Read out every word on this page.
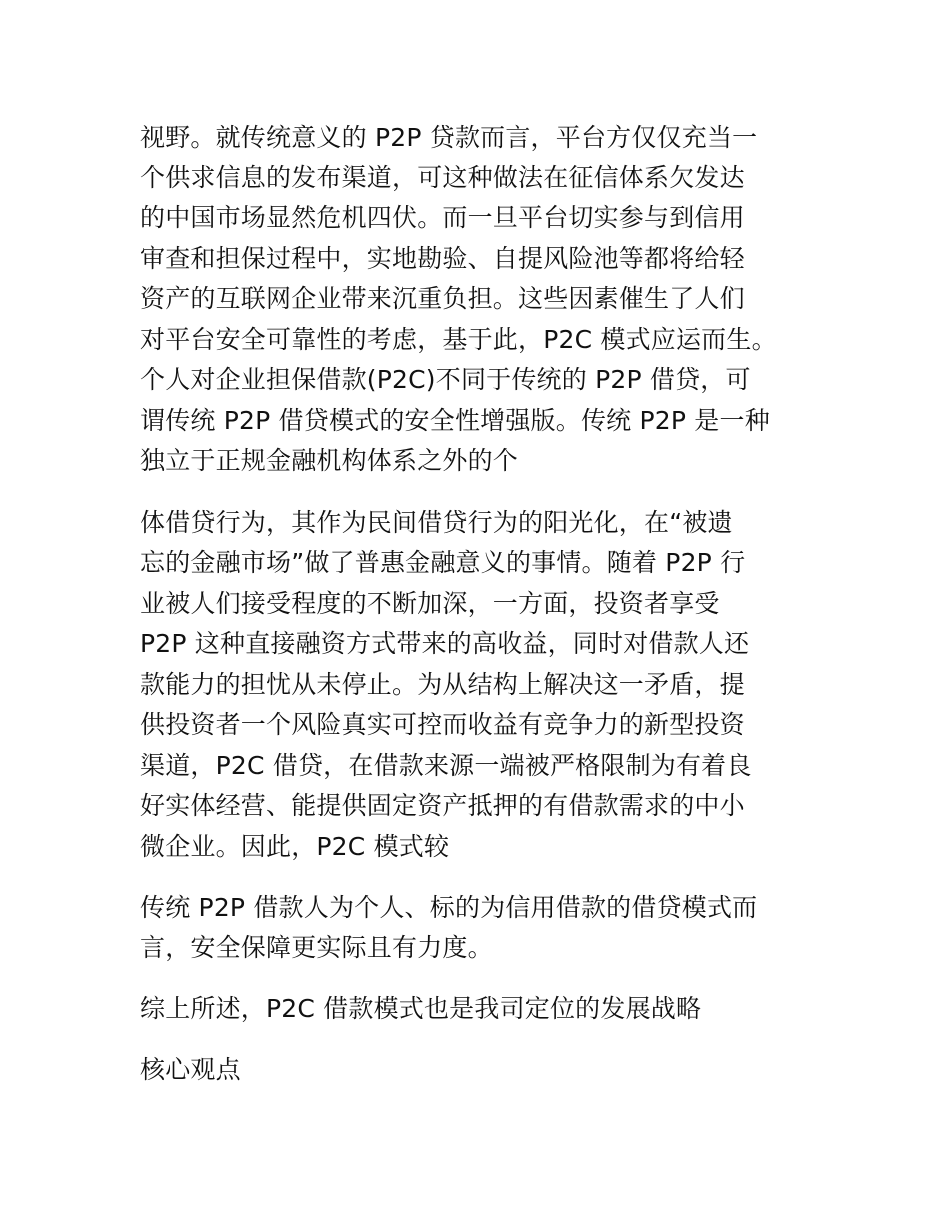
视野。就传统意义的 P2P 贷款而言，平台方仅仅充当一
个供求信息的发布渠道，可这种做法在征信体系欠发达
的中国市场显然危机四伏。而一旦平台切实参与到信用
审查和担保过程中，实地勘验、自提风险池等都将给轻
资产的互联网企业带来沉重负担。这些因素催生了人们
对平台安全可靠性的考虑，基于此，P2C 模式应运而生。
个人对企业担保借款(P2C)不同于传统的 P2P 借贷，可
谓传统 P2P 借贷模式的安全性增强版。传统 P2P 是一种
独立于正规金融机构体系之外的个
体借贷行为，其作为民间借贷行为的阳光化，在“被遗
忘的金融市场”做了普惠金融意义的事情。随着 P2P 行
业被人们接受程度的不断加深，一方面，投资者享受
P2P 这种直接融资方式带来的高收益，同时对借款人还
款能力的担忧从未停止。为从结构上解决这一矛盾，提
供投资者一个风险真实可控而收益有竞争力的新型投资
渠道，P2C 借贷，在借款来源一端被严格限制为有着良
好实体经营、能提供固定资产抵押的有借款需求的中小
微企业。因此，P2C 模式较
传统 P2P 借款人为个人、标的为信用借款的借贷模式而
言，安全保障更实际且有力度。
综上所述，P2C 借款模式也是我司定位的发展战略
核心观点
